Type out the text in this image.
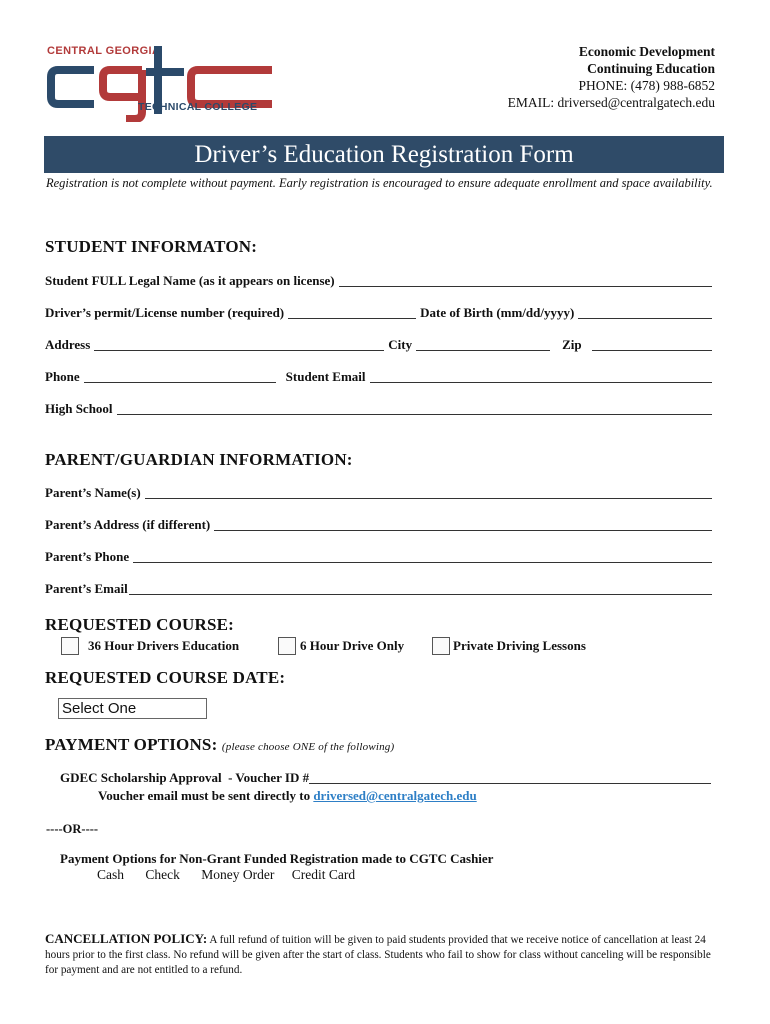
CENTRAL GEORGIA
TECHNICAL COLLEGE
Economic Development
Continuing Education
PHONE: (478) 988-6852
EMAIL: driversed@centralgatech.edu
Driver’s Education Registration Form
Registration is not complete without payment. Early registration is encouraged to ensure adequate enrollment and space availability.
STUDENT INFORMATON:
Student FULL Legal Name (as it appears on license)
Driver’s permit/License number (required)	Date of Birth (mm/dd/yyyy)
Address	City	Zip
Phone	Student Email
High School
PARENT/GUARDIAN INFORMATION:
Parent’s Name(s)
Parent’s Address (if different)
Parent’s Phone
Parent’s Email
REQUESTED COURSE:
36 Hour Drivers Education	6 Hour Drive Only	Private Driving Lessons
REQUESTED COURSE DATE:
Select One
PAYMENT OPTIONS: (please choose ONE of the following)
GDEC Scholarship Approval  - Voucher ID #
Voucher email must be sent directly to driversed@centralgatech.edu
----OR----
Payment Options for Non-Grant Funded Registration made to CGTC Cashier
Cash Check Money Order Credit Card
CANCELLATION POLICY: A full refund of tuition will be given to paid students provided that we receive notice of cancellation at least 24 hours prior to the first class. No refund will be given after the start of class. Students who fail to show for class without canceling will be responsible for payment and are not entitled to a refund.
